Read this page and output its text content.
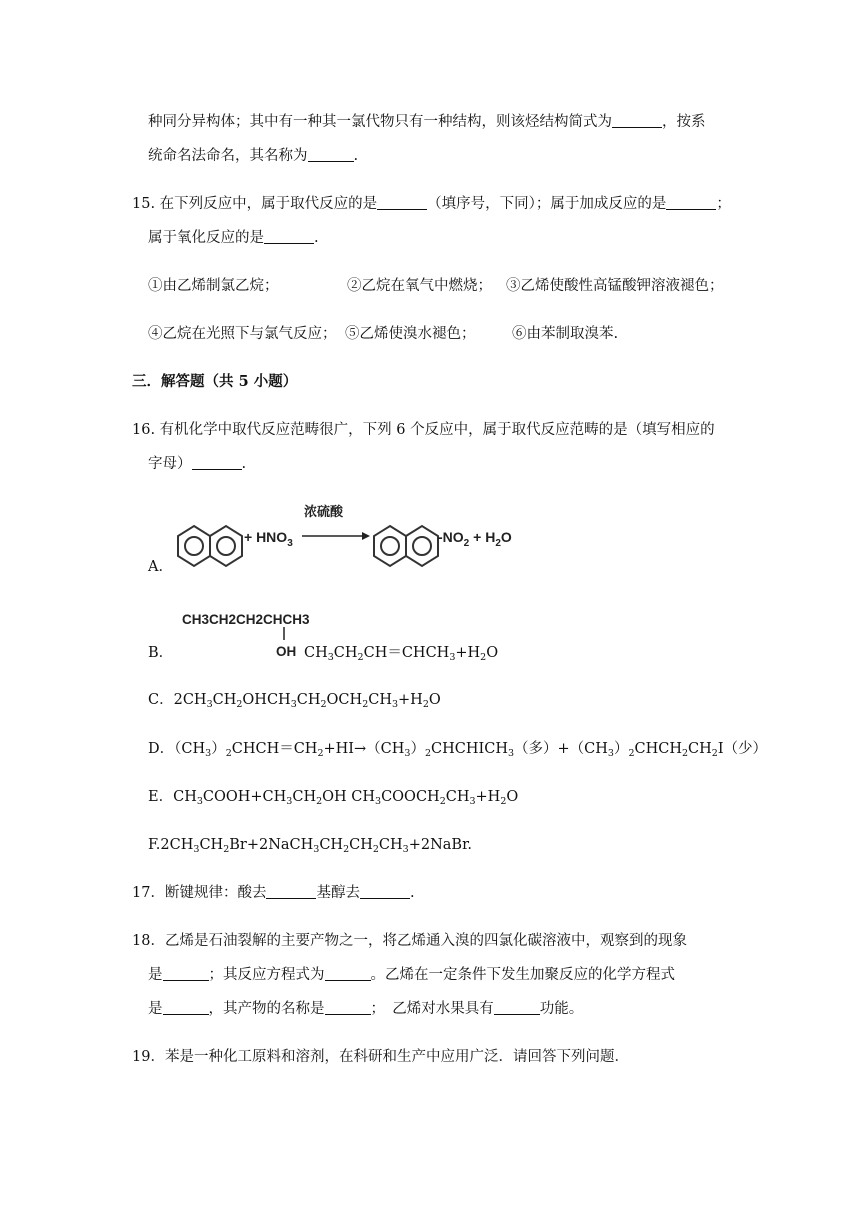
种同分异构体；其中有一种其一氯代物只有一种结构，则该烃结构简式为	，按系
统命名法命名，其名称为	.
15. 在下列反应中，属于取代反应的是	（填序号，下同）；属于加成反应的是	；
属于氧化反应的是	.
①由乙烯制氯乙烷；	②乙烷在氧气中燃烧； ③乙烯使酸性高锰酸钾溶液褪色；
④乙烷在光照下与氯气反应； ⑤乙烯使溴水褪色；	⑥由苯制取溴苯.
三．解答题（共 5 小题）
16. 有机化学中取代反应范畴很广，下列 6 个反应中，属于取代反应范畴的是（填写相应的
字母）	.
A．
+ $HNO_3$
浓硫酸
$-NO_2 + H_2O$
B．
CH3CH2CH2CHCH3
OH $CH_3CH_2CH=CHCH_3+H_2O$
C．$2CH_3CH_2OHCH_3CH_2OCH_2CH_3+H_2O$
D．$(CH_3)_2CHCH=CH_2+HI\to(CH_3)_2CHCHICH_3$（多）$+(CH_3)_2CHCH_2CH_2I$（少）
E．$CH_3COOH+CH_3CH_2OH$ $CH_3COOCH_2CH_3+H_2O$
$F.2CH_3CH_2Br+2NaCH_3CH_2CH_2CH_3+2NaBr$.
17．断键规律：酸去	基醇去	.
18．乙烯是石油裂解的主要产物之一，将乙烯通入溴的四氯化碳溶液中，观察到的现象
是	；其反应方程式为	。乙烯在一定条件下发生加聚反应的化学方程式
是	，其产物的名称是	；　乙烯对水果具有	功能。
19．苯是一种化工原料和溶剂，在科研和生产中应用广泛．请回答下列问题．
